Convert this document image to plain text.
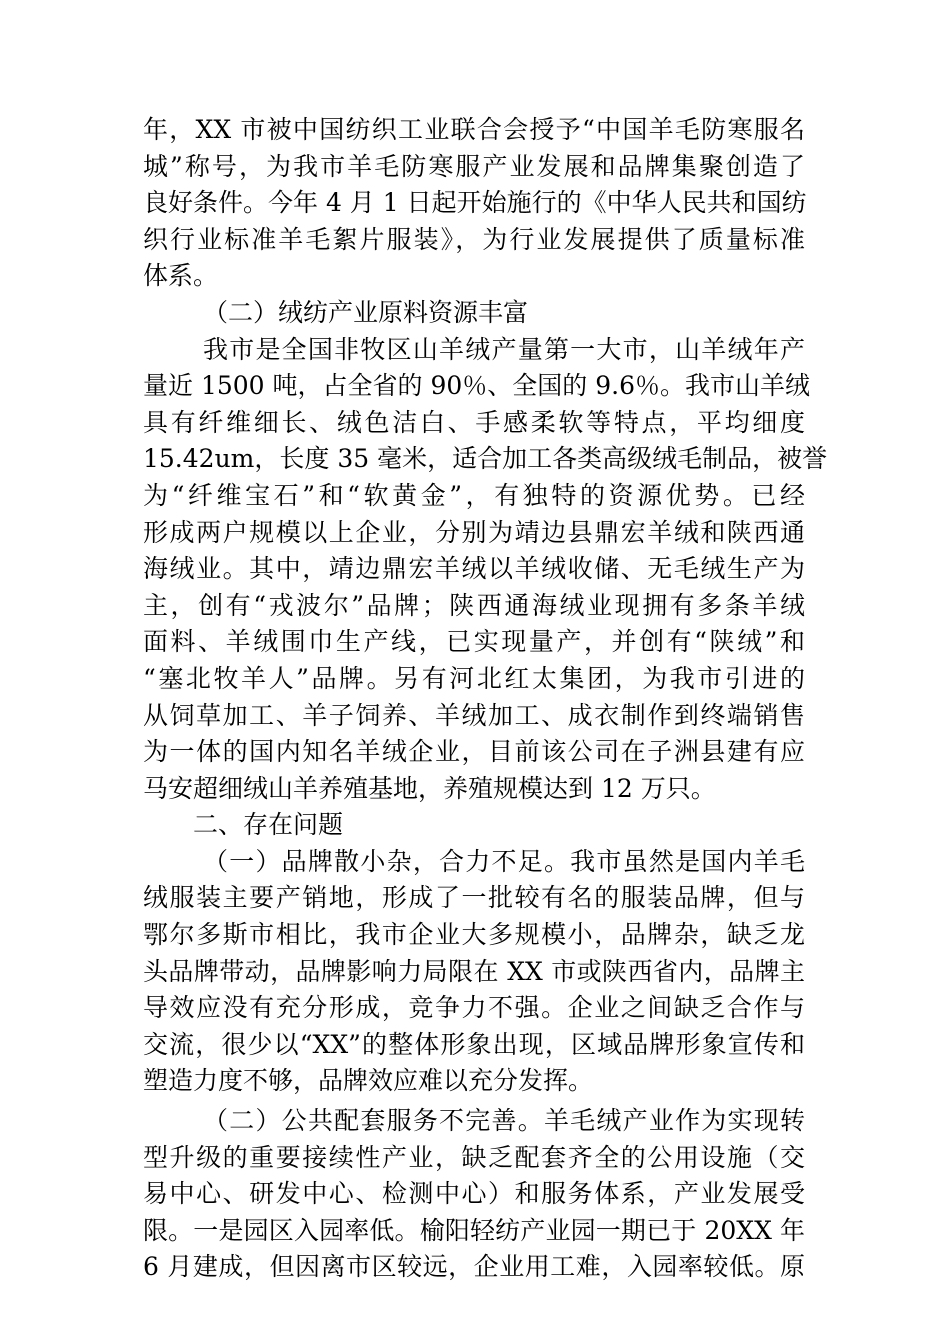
年，XX 市被中国纺织工业联合会授予“中国羊毛防寒服名
城”称号，为我市羊毛防寒服产业发展和品牌集聚创造了
良好条件。今年 4 月 1 日起开始施行的《中华人民共和国纺
织行业标准羊毛絮片服装》，为行业发展提供了质量标准
体系。
（二）绒纺产业原料资源丰富
我市是全国非牧区山羊绒产量第一大市，山羊绒年产
量近 1500 吨，占全省的 90％、全国的 9.6％。我市山羊绒
具有纤维细长、绒色洁白、手感柔软等特点，平均细度
15.42um，长度 35 毫米，适合加工各类高级绒毛制品，被誉
为“纤维宝石”和“软黄金”，有独特的资源优势。已经
形成两户规模以上企业，分别为靖边县鼎宏羊绒和陕西通
海绒业。其中，靖边鼎宏羊绒以羊绒收储、无毛绒生产为
主，创有“戎波尔”品牌；陕西通海绒业现拥有多条羊绒
面料、羊绒围巾生产线，已实现量产，并创有“陕绒”和
“塞北牧羊人”品牌。另有河北红太集团，为我市引进的
从饲草加工、羊子饲养、羊绒加工、成衣制作到终端销售
为一体的国内知名羊绒企业，目前该公司在子洲县建有应
马安超细绒山羊养殖基地，养殖规模达到 12 万只。
二、存在问题
（一）品牌散小杂，合力不足。我市虽然是国内羊毛
绒服装主要产销地，形成了一批较有名的服装品牌，但与
鄂尔多斯市相比，我市企业大多规模小，品牌杂，缺乏龙
头品牌带动，品牌影响力局限在 XX 市或陕西省内，品牌主
导效应没有充分形成，竞争力不强。企业之间缺乏合作与
交流，很少以“XX”的整体形象出现，区域品牌形象宣传和
塑造力度不够，品牌效应难以充分发挥。
（二）公共配套服务不完善。羊毛绒产业作为实现转
型升级的重要接续性产业，缺乏配套齐全的公用设施（交
易中心、研发中心、检测中心）和服务体系，产业发展受
限。一是园区入园率低。榆阳轻纺产业园一期已于 20XX 年
6 月建成，但因离市区较远，企业用工难，入园率较低。原
